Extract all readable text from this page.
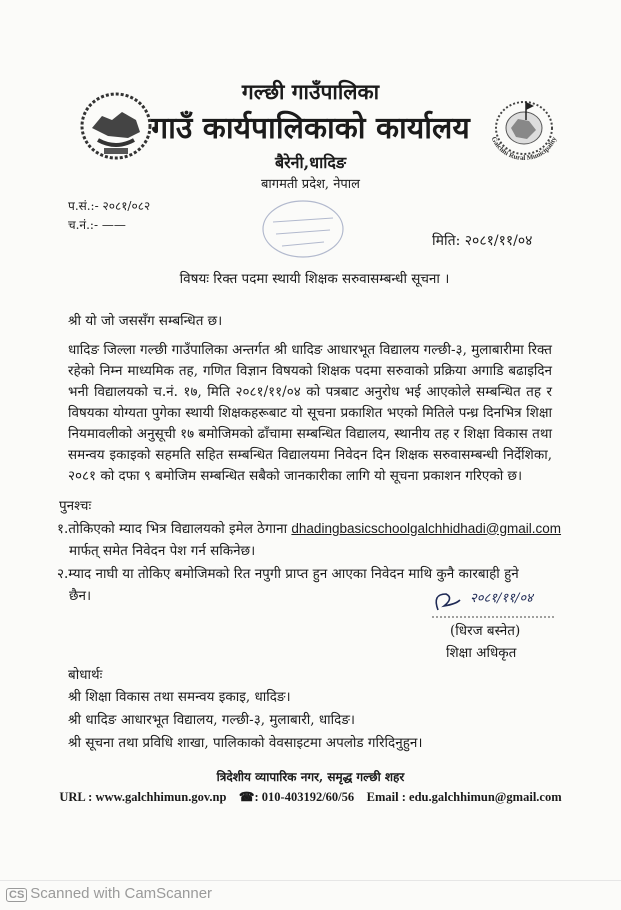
Galchhi Rural Municipality
गल्छी गाउँपालिका
गाउँ कार्यपालिकाको कार्यालय
बैरेनी,धादिङ
बागमती प्रदेश, नेपाल
प.सं.:- २०८१/०८२
च.नं.:- ——
मिति: २०८१/११/०४
विषयः रिक्त पदमा स्थायी शिक्षक सरुवासम्बन्धी सूचना ।
श्री यो जो जससँग सम्बन्धित छ।
धादिङ जिल्ला गल्छी गाउँपालिका अन्तर्गत श्री धादिङ आधारभूत विद्यालय गल्छी-३, मुलाबारीमा रिक्त रहेको निम्न माध्यमिक तह, गणित विज्ञान विषयको शिक्षक पदमा सरुवाको प्रक्रिया अगाडि बढाइदिन भनी विद्यालयको च.नं. १७, मिति २०८१/११/०४ को पत्रबाट अनुरोध भई आएकोले सम्बन्धित तह र विषयका योग्यता पुगेका स्थायी शिक्षकहरूबाट यो सूचना प्रकाशित भएको मितिले पन्ध्र दिनभित्र शिक्षा नियमावलीको अनुसूची १७ बमोजिमको ढाँचामा सम्बन्धित विद्यालय, स्थानीय तह र शिक्षा विकास तथा समन्वय इकाइको सहमति सहित सम्बन्धित विद्यालयमा निवेदन दिन शिक्षक सरुवासम्बन्धी निर्देशिका, २०८१ को दफा ९ बमोजिम सम्बन्धित सबैको जानकारीका लागि यो सूचना प्रकाशन गरिएको छ।
पुनश्चः
१.तोकिएको म्याद भित्र विद्यालयको इमेल ठेगाना dhadingbasicschoolgalchhidhadi@gmail.com
मार्फत् समेत निवेदन पेश गर्न सकिनेछ।
२.म्याद नाघी या तोकिए बमोजिमको रित नपुगी प्राप्त हुन आएका निवेदन माथि कुनै कारबाही हुने
छैन।	२०८१/११/०४
(धिरज बस्नेत)
शिक्षा अधिकृत
बोधार्थः
श्री शिक्षा विकास तथा समन्वय इकाइ, धादिङ।
श्री धादिङ आधारभूत विद्यालय, गल्छी-३, मुलाबारी, धादिङ।
श्री सूचना तथा प्रविधि शाखा, पालिकाको वेवसाइटमा अपलोड गरिदिनुहुन।
त्रिदेशीय व्यापारिक नगर, समृद्ध गल्छी शहर
URL : www.galchhimun.gov.np ☎: 010-403192/60/56 Email : edu.galchhimun@gmail.com
CS Scanned with CamScanner
